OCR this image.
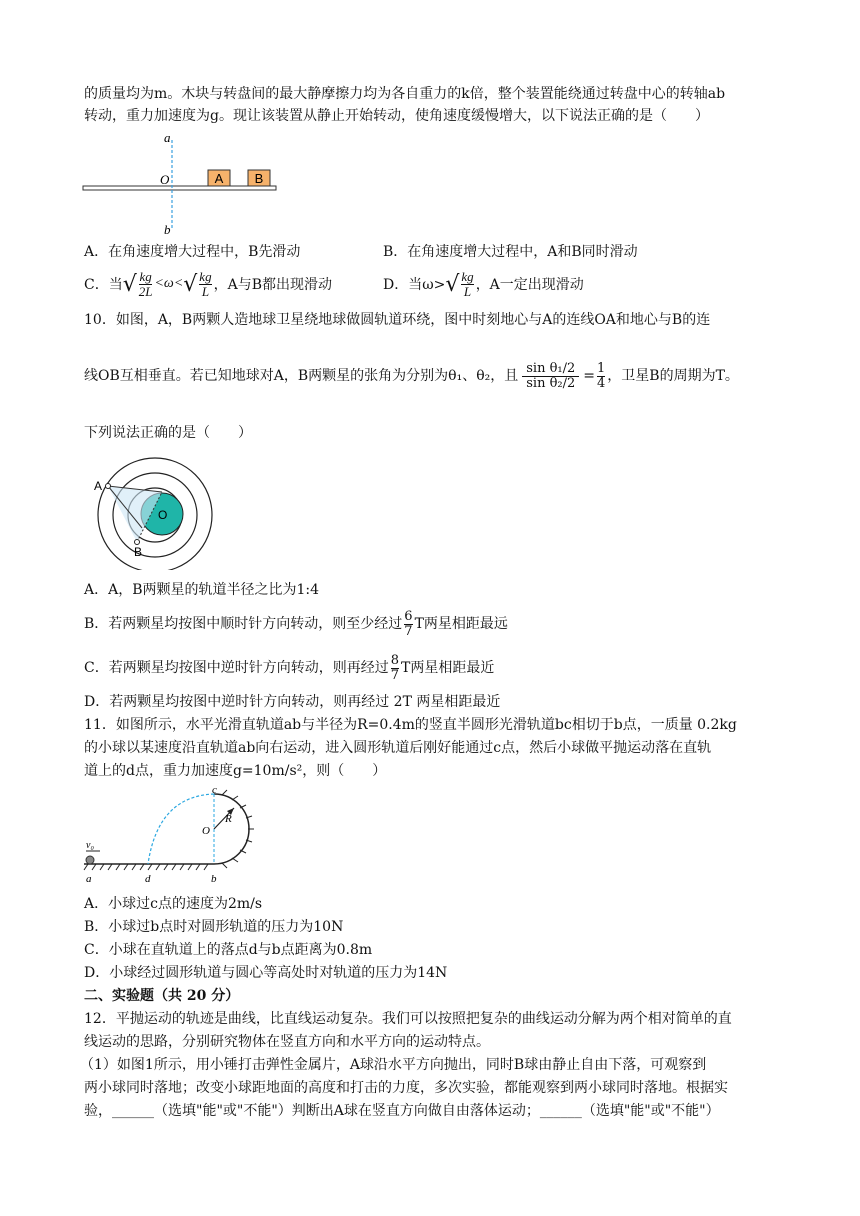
的质量均为m。木块与转盘间的最大静摩擦力均为各自重力的k倍，整个装置能绕通过转盘中心的转轴ab
转动，重力加速度为g。现让该装置从静止开始转动，使角速度缓慢增大，以下说法正确的是（　　）
a
O
b
A B
A．在角速度增大过程中，B先滑动	B．在角速度增大过程中，A和B同时滑动
C．当 √ $\frac{kg}{2L} <\omega<$ √ $\frac{kg}{L}$ ，A与B都出现滑动	D．当ω> √ $\frac{kg}{L}$ ，A一定出现滑动
10．如图，A，B两颗人造地球卫星绕地球做圆轨道环绕，图中时刻地心与A的连线OA和地心与B的连
线OB互相垂直。若已知地球对A，B两颗星的张角为分别为θ₁、θ₂，且 $\frac{\text{sin θ₁/2}}{\text{sin θ₂/2}} = \frac{1}{4}$ ，卫星B的周期为T。
下列说法正确的是（　　）
A
B
O
A．A，B两颗星的轨道半径之比为1:4
B．若两颗星均按图中顺时针方向转动，则至少经过 $\frac{6}{7}$ T两星相距最远
C．若两颗星均按图中逆时针方向转动，则再经过 $\frac{8}{7}$ T两星相距最近
D．若两颗星均按图中逆时针方向转动，则再经过 2T 两星相距最近
11．如图所示，水平光滑直轨道ab与半径为R=0.4m的竖直半圆形光滑轨道bc相切于b点，一质量 0.2kg
的小球以某速度沿直轨道ab向右运动，进入圆形轨道后刚好能通过c点，然后小球做平抛运动落在直轨
道上的d点，重力加速度g=10m/s²，则（　　）
c
O
R
v₀
a	d	b
A．小球过c点的速度为2m/s
B．小球过b点时对圆形轨道的压力为10N
C．小球在直轨道上的落点d与b点距离为0.8m
D．小球经过圆形轨道与圆心等高处时对轨道的压力为14N
二、实验题（共 20 分）
12．平抛运动的轨迹是曲线，比直线运动复杂。我们可以按照把复杂的曲线运动分解为两个相对简单的直
线运动的思路，分别研究物体在竖直方向和水平方向的运动特点。
（1）如图1所示，用小锤打击弹性金属片，A球沿水平方向抛出，同时B球由静止自由下落，可观察到
两小球同时落地；改变小球距地面的高度和打击的力度，多次实验，都能观察到两小球同时落地。根据实
验，______（选填"能"或"不能"）判断出A球在竖直方向做自由落体运动；______（选填"能"或"不能"）
